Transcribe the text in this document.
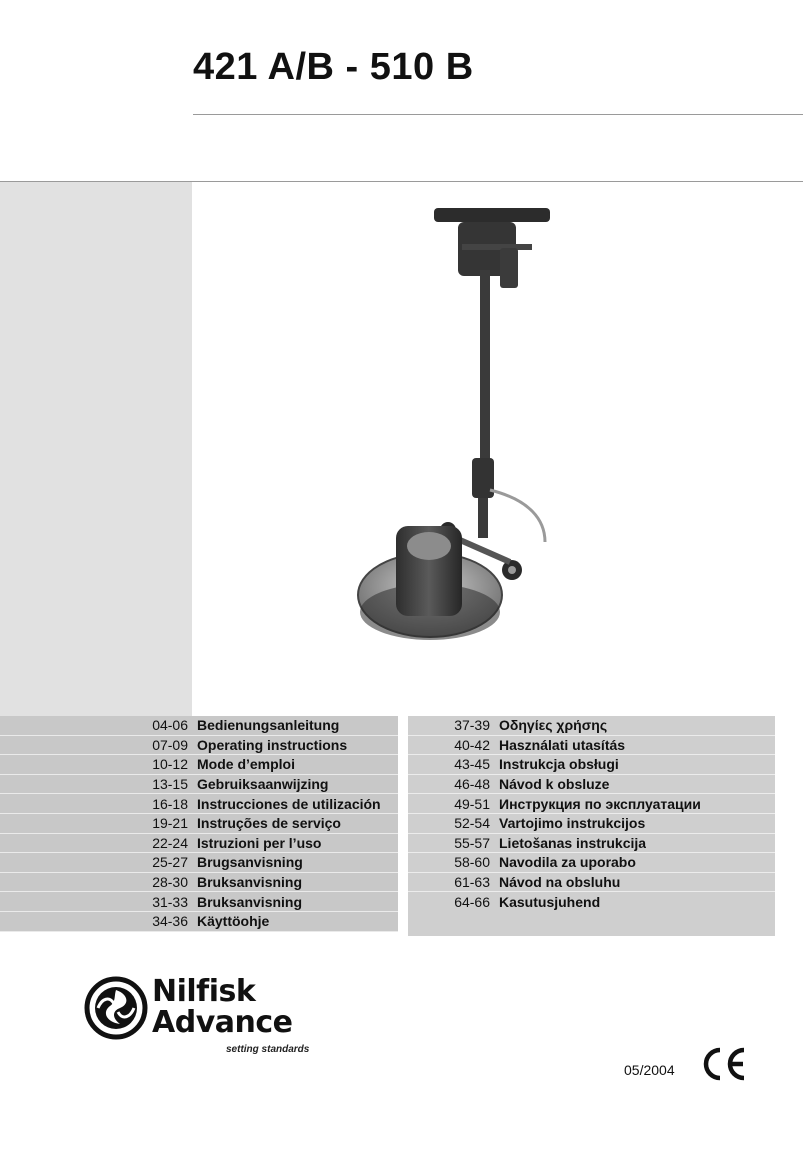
421 A/B - 510 B
04-06 Bedienungsanleitung
07-09 Operating instructions
10-12 Mode d’emploi
13-15 Gebruiksaanwijzing
16-18 Instrucciones de utilización
19-21 Instruções de serviço
22-24 Istruzioni per l’uso
25-27 Brugsanvisning
28-30 Bruksanvisning
31-33 Bruksanvisning
34-36 Käyttöohje
37-39 Οδηγίες χρήσης
40-42 Használati utasítás
43-45 Instrukcja obsługi
46-48 Návod k obsluze
49-51 Инструкция по эксплуатации
52-54 Vartojimo instrukcijos
55-57 Lietošanas instrukcija
58-60 Navodila za uporabo
61-63 Návod na obsluhu
64-66 Kasutusjuhend
Nilfisk
Advance
setting standards
05/2004
